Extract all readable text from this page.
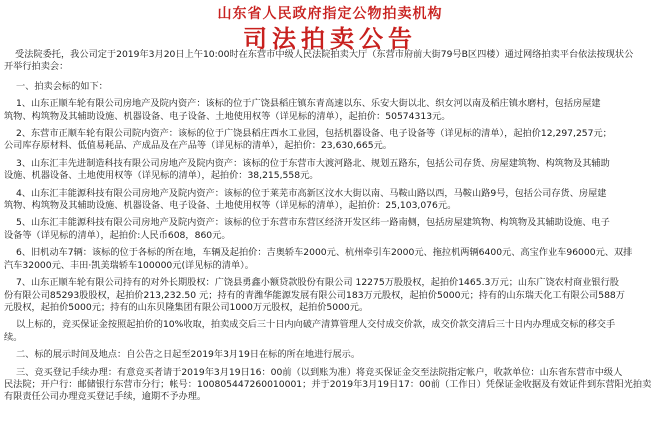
山东省人民政府指定公物拍卖机构
司法拍卖公告

受法院委托，我公司定于2019年3月20日上午10:00时在东营市中级人民法院拍卖大厅（东营市府前大街79号B区四楼）通过网络拍卖平台依法按现状公

开举行拍卖会：

一、拍卖会标的如下：

1、山东正顺车轮有限公司房地产及院内资产：该标的位于广饶县稻庄镇东青高速以东、乐安大街以北、织女河以南及稻庄镇水磨村，包括房屋建

筑物、构筑物及其辅助设施、机器设备、电子设备、土地使用权等（详见标的清单），起拍价：50574313元。

2、东营市正顺车轮有限公司院内资产：该标的位于广饶县稻庄西水工业园，包括机器设备、电子设备等（详见标的清单），起拍价12,297,257元；

公司库存原材料、低值易耗品、产成品及在产品等（详见标的清单），起拍价：23,630,665元。

3、山东汇丰先进制造科技有限公司房地产及院内资产：该标的位于东营市大渡河路北、规划五路东，包括公司存货、房屋建筑物、构筑物及其辅助

设施、机器设备、土地使用权等（详见标的清单），起拍价：38,215,558元。

4、山东汇丰能源科技有限公司房地产及院内资产：该标的位于莱芜市高新区汶水大街以南、马鞍山路以西，马鞍山路9号，包括公司存货、房屋建

筑物、构筑物及其辅助设施、机器设备、电子设备、土地使用权等（详见标的清单），起拍价：25,103,076元。

5、山东汇丰能源科技有限公司房地产及院内资产：该标的位于东营市东营区经济开发区纬一路南侧，包括房屋建筑物、构筑物及其辅助设施、电子

设备等（详见标的清单），起拍价:人民币608，860元。

6、旧机动车7辆：该标的位于各标的所在地，车辆及起拍价：吉奥轿车2000元、杭州牵引车2000元、拖拉机两辆6400元、高宝作业车96000元、双排

汽车32000元、丰田·凯美瑞轿车100000元(详见标的清单）。

7、山东正顺车轮有限公司持有的对外长期股权：广饶县勇鑫小额贷款股份有限公司 12275万股股权，起拍价1465.3万元；山东广饶农村商业银行股

份有限公司85293股股权，起拍价213,232.50 元；持有的青潍华能源发展有限公司183万元股权，起拍价5000元；持有的山东瑞天化工有限公司588万

元股权，起拍价5000元；持有的山东贝隆集团有限公司1000万元股权，起拍价5000元。

以上标的，竞买保证金按照起拍价的10%收取，拍卖成交后三十日内向破产清算管理人交付成交价款，成交价款交清后三十日内办理成交标的移交手

续。

二、标的展示时间及地点：自公告之日起至2019年3月19日在标的所在地进行展示。

三、竞买登记手续办理：有意竞买者请于2019年3月19日16：00前（以到账为准）将竞买保证金交至法院指定帐户，收款单位：山东省东营市中级人

民法院；开户行：邮储银行东营市分行；帐号：100805447260010001；并于2019年3月19日17：00前（工作日）凭保证金收据及有效证件到东营阳光拍卖

有限责任公司办理竞买登记手续，逾期不予办理。
